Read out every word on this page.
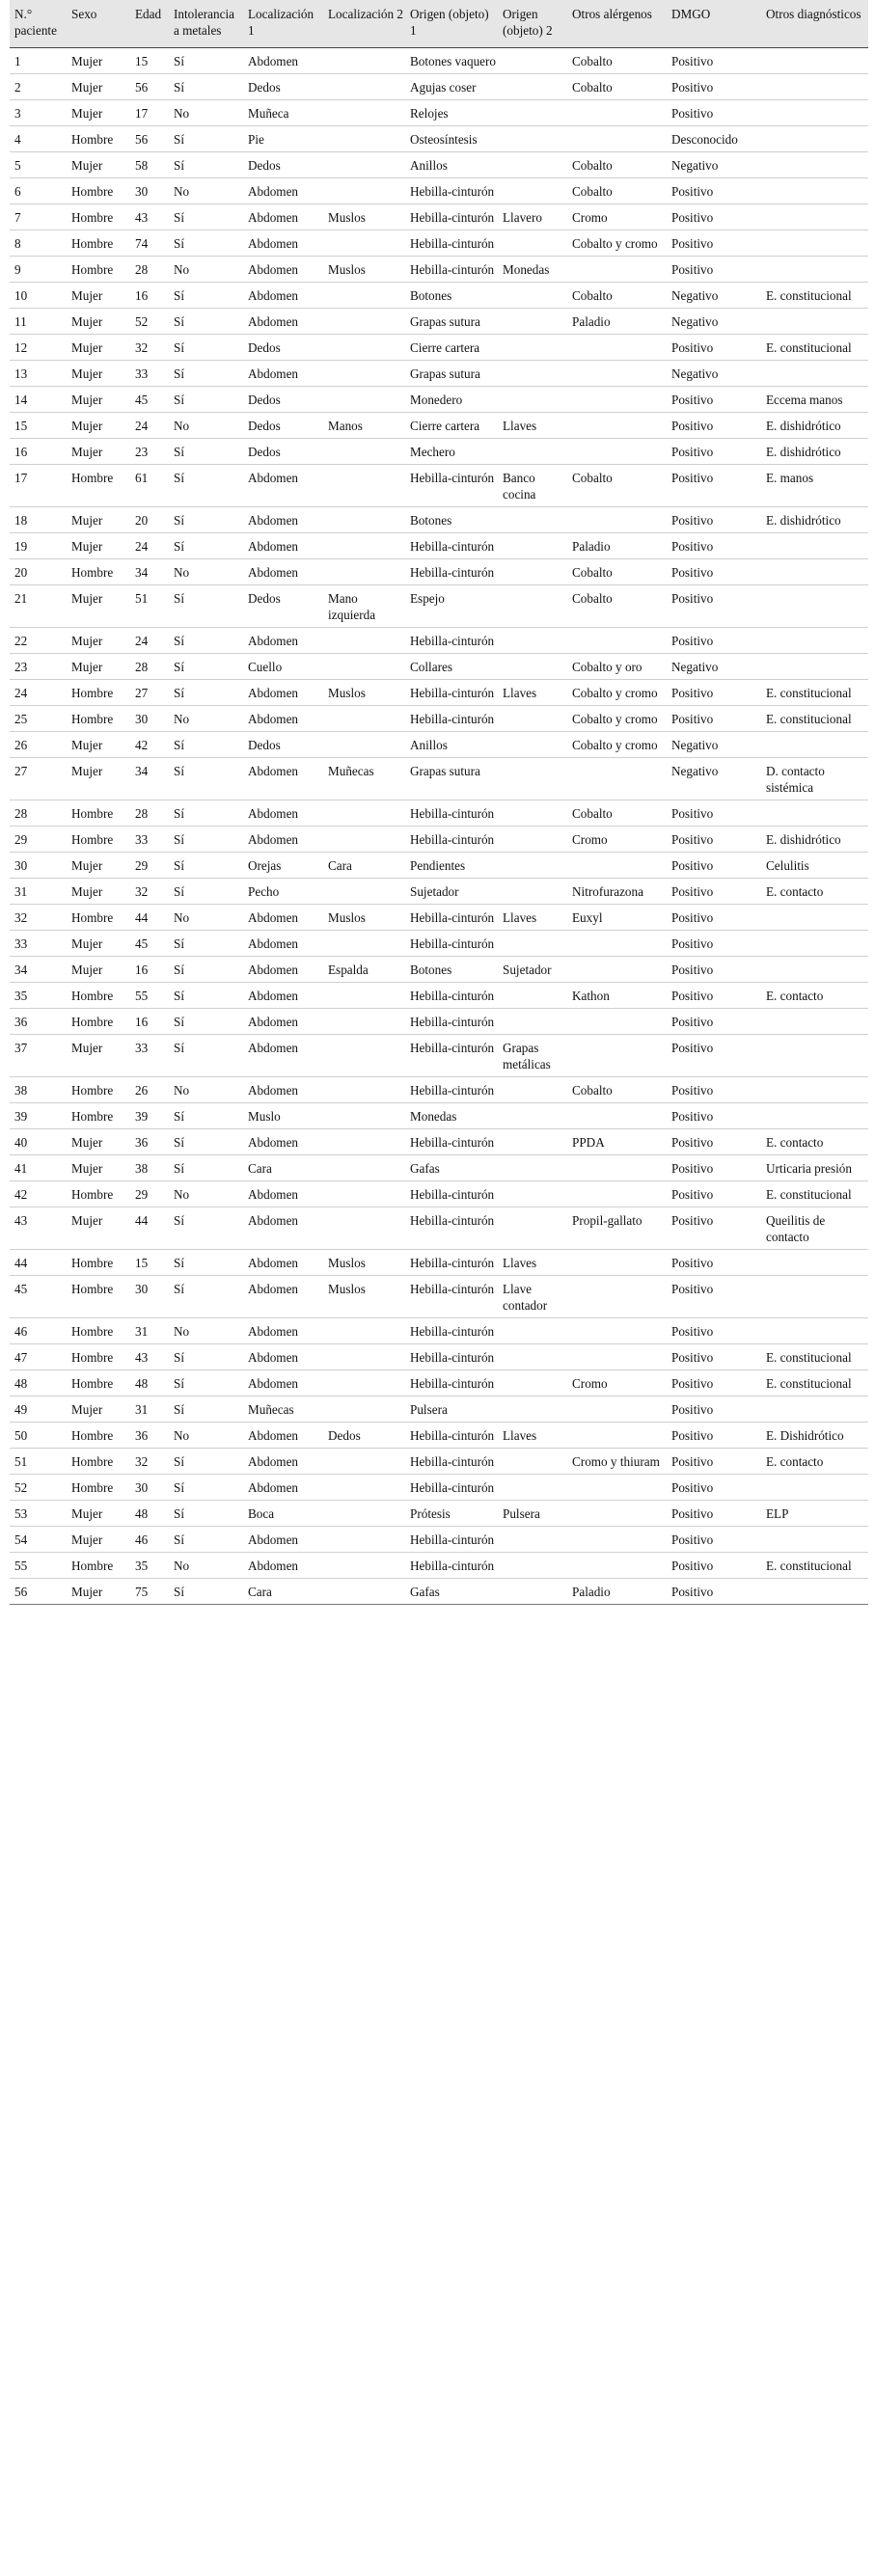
N.° paciente	Sexo	Edad	Intolerancia a metales	Localización 1	Localización 2	Origen (objeto) 1	Origen (objeto) 2	Otros alérgenos	DMGO	Otros diagnósticos
1	Mujer	15	Sí	Abdomen		Botones vaquero		Cobalto	Positivo	
2	Mujer	56	Sí	Dedos		Agujas coser		Cobalto	Positivo	
3	Mujer	17	No	Muñeca		Relojes			Positivo	
4	Hombre	56	Sí	Pie		Osteosíntesis			Desconocido	
5	Mujer	58	Sí	Dedos		Anillos		Cobalto	Negativo	
6	Hombre	30	No	Abdomen		Hebilla-cinturón		Cobalto	Positivo	
7	Hombre	43	Sí	Abdomen	Muslos	Hebilla-cinturón	Llavero	Cromo	Positivo	
8	Hombre	74	Sí	Abdomen		Hebilla-cinturón		Cobalto y cromo	Positivo	
9	Hombre	28	No	Abdomen	Muslos	Hebilla-cinturón	Monedas		Positivo	
10	Mujer	16	Sí	Abdomen		Botones		Cobalto	Negativo	E. constitucional
11	Mujer	52	Sí	Abdomen		Grapas sutura		Paladio	Negativo	
12	Mujer	32	Sí	Dedos		Cierre cartera			Positivo	E. constitucional
13	Mujer	33	Sí	Abdomen		Grapas sutura			Negativo	
14	Mujer	45	Sí	Dedos		Monedero			Positivo	Eccema manos
15	Mujer	24	No	Dedos	Manos	Cierre cartera	Llaves		Positivo	E. dishidrótico
16	Mujer	23	Sí	Dedos		Mechero			Positivo	E. dishidrótico
17	Hombre	61	Sí	Abdomen		Hebilla-cinturón	Banco cocina	Cobalto	Positivo	E. manos
18	Mujer	20	Sí	Abdomen		Botones			Positivo	E. dishidrótico
19	Mujer	24	Sí	Abdomen		Hebilla-cinturón		Paladio	Positivo	
20	Hombre	34	No	Abdomen		Hebilla-cinturón		Cobalto	Positivo	
21	Mujer	51	Sí	Dedos	Mano izquierda	Espejo		Cobalto	Positivo	
22	Mujer	24	Sí	Abdomen		Hebilla-cinturón			Positivo	
23	Mujer	28	Sí	Cuello		Collares		Cobalto y oro	Negativo	
24	Hombre	27	Sí	Abdomen	Muslos	Hebilla-cinturón	Llaves	Cobalto y cromo	Positivo	E. constitucional
25	Hombre	30	No	Abdomen		Hebilla-cinturón		Cobalto y cromo	Positivo	E. constitucional
26	Mujer	42	Sí	Dedos		Anillos		Cobalto y cromo	Negativo	
27	Mujer	34	Sí	Abdomen	Muñecas	Grapas sutura			Negativo	D. contacto sistémica
28	Hombre	28	Sí	Abdomen		Hebilla-cinturón		Cobalto	Positivo	
29	Hombre	33	Sí	Abdomen		Hebilla-cinturón		Cromo	Positivo	E. dishidrótico
30	Mujer	29	Sí	Orejas	Cara	Pendientes			Positivo	Celulitis
31	Mujer	32	Sí	Pecho		Sujetador		Nitrofurazona	Positivo	E. contacto
32	Hombre	44	No	Abdomen	Muslos	Hebilla-cinturón	Llaves	Euxyl	Positivo	
33	Mujer	45	Sí	Abdomen		Hebilla-cinturón			Positivo	
34	Mujer	16	Sí	Abdomen	Espalda	Botones	Sujetador		Positivo	
35	Hombre	55	Sí	Abdomen		Hebilla-cinturón		Kathon	Positivo	E. contacto
36	Hombre	16	Sí	Abdomen		Hebilla-cinturón			Positivo	
37	Mujer	33	Sí	Abdomen		Hebilla-cinturón	Grapas metálicas		Positivo	
38	Hombre	26	No	Abdomen		Hebilla-cinturón		Cobalto	Positivo	
39	Hombre	39	Sí	Muslo		Monedas			Positivo	
40	Mujer	36	Sí	Abdomen		Hebilla-cinturón		PPDA	Positivo	E. contacto
41	Mujer	38	Sí	Cara		Gafas			Positivo	Urticaria presión
42	Hombre	29	No	Abdomen		Hebilla-cinturón			Positivo	E. constitucional
43	Mujer	44	Sí	Abdomen		Hebilla-cinturón		Propil-gallato	Positivo	Queilitis de contacto
44	Hombre	15	Sí	Abdomen	Muslos	Hebilla-cinturón	Llaves		Positivo	
45	Hombre	30	Sí	Abdomen	Muslos	Hebilla-cinturón	Llave contador		Positivo	
46	Hombre	31	No	Abdomen		Hebilla-cinturón			Positivo	
47	Hombre	43	Sí	Abdomen		Hebilla-cinturón			Positivo	E. constitucional
48	Hombre	48	Sí	Abdomen		Hebilla-cinturón		Cromo	Positivo	E. constitucional
49	Mujer	31	Sí	Muñecas		Pulsera			Positivo	
50	Hombre	36	No	Abdomen	Dedos	Hebilla-cinturón	Llaves		Positivo	E. Dishidrótico
51	Hombre	32	Sí	Abdomen		Hebilla-cinturón		Cromo y thiuram	Positivo	E. contacto
52	Hombre	30	Sí	Abdomen		Hebilla-cinturón			Positivo	
53	Mujer	48	Sí	Boca		Prótesis	Pulsera		Positivo	ELP
54	Mujer	46	Sí	Abdomen		Hebilla-cinturón			Positivo	
55	Hombre	35	No	Abdomen		Hebilla-cinturón			Positivo	E. constitucional
56	Mujer	75	Sí	Cara		Gafas		Paladio	Positivo	
